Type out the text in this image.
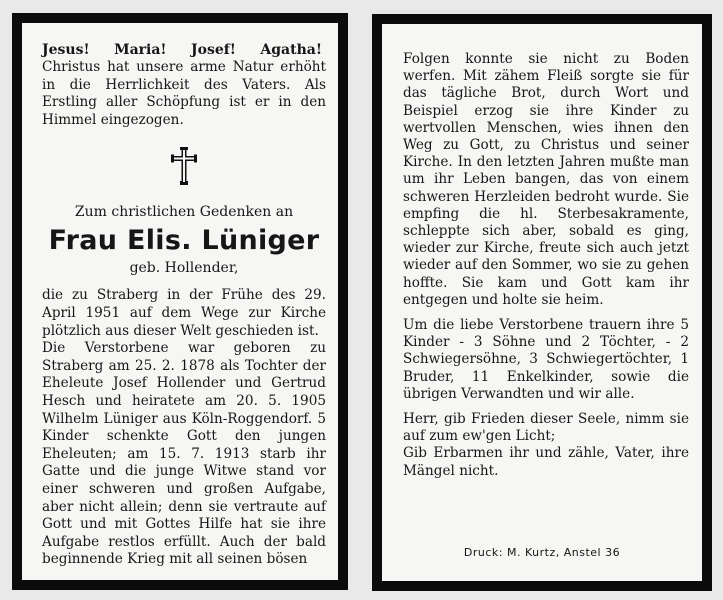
Jesus! Maria! Josef! Agatha!

Christus hat unsere arme Natur erhöht in die Herrlichkeit des Vaters. Als Erstling aller Schöpfung ist er in den Himmel eingezogen.

Zum christlichen Gedenken an
Frau Elis. Lüniger
geb. Hollender,

die zu Straberg in der Frühe des 29. April 1951 auf dem Wege zur Kirche plötzlich aus dieser Welt geschieden ist.

Die Verstorbene war geboren zu Straberg am 25. 2. 1878 als Tochter der Eheleute Josef Hollender und Gertrud Hesch und heiratete am 20. 5. 1905 Wilhelm Lüniger aus Köln-Roggendorf. 5 Kinder schenkte Gott den jungen Eheleuten; am 15. 7. 1913 starb ihr Gatte und die junge Witwe stand vor einer schweren und großen Aufgabe, aber nicht allein; denn sie vertraute auf Gott und mit Gottes Hilfe hat sie ihre Aufgabe restlos erfüllt. Auch der bald beginnende Krieg mit all seinen bösen

Folgen konnte sie nicht zu Boden werfen. Mit zähem Fleiß sorgte sie für das tägliche Brot, durch Wort und Beispiel erzog sie ihre Kinder zu wertvollen Menschen, wies ihnen den Weg zu Gott, zu Christus und seiner Kirche. In den letzten Jahren mußte man um ihr Leben bangen, das von einem schweren Herzleiden bedroht wurde. Sie empfing die hl. Sterbesakramente, schleppte sich aber, sobald es ging, wieder zur Kirche, freute sich auch jetzt wieder auf den Sommer, wo sie zu gehen hoffte. Sie kam und Gott kam ihr entgegen und holte sie heim.

Um die liebe Verstorbene trauern ihre 5 Kinder - 3 Söhne und 2 Töchter, - 2 Schwiegersöhne, 3 Schwiegertöchter, 1 Bruder, 11 Enkelkinder, sowie die übrigen Verwandten und wir alle.

Herr, gib Frieden dieser Seele, nimm sie auf zum ew'gen Licht;

Gib Erbarmen ihr und zähle, Vater, ihre Mängel nicht.

Druck: M. Kurtz, Anstel 36
